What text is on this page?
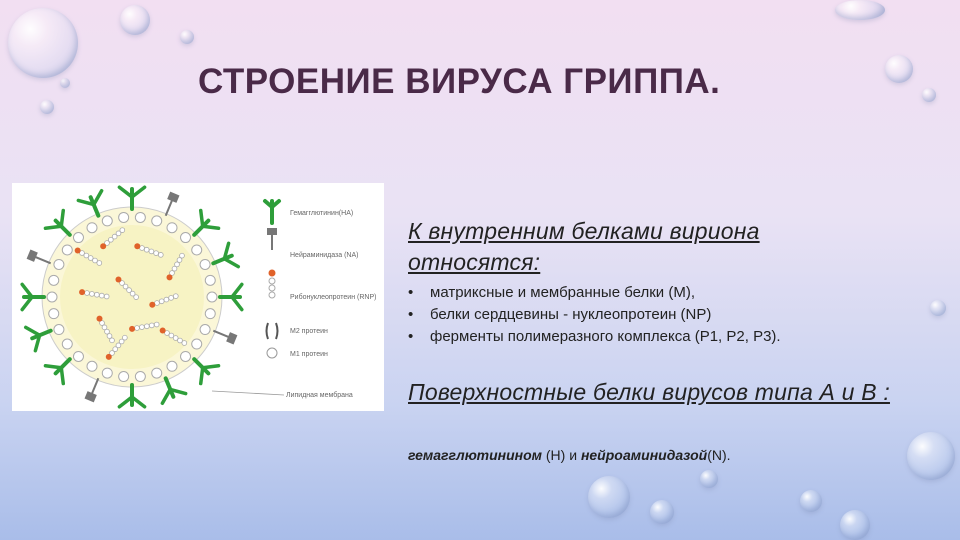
СТРОЕНИЕ ВИРУСА ГРИППА.
Гемагглютинин(HA)
Нейраминидаза (NA)
Рибонуклеопротеин (RNP)
M2 протеин
M1 протеин
Липидная мембрана
К внутренним белками вириона относятся:
• матриксные и мембранные белки (М),
• белки сердцевины - нуклеопротеин (NP)
• ферменты полимеразного комплекса (Р1, Р2, Р3).
Поверхностные белки вирусов типа А и В :
гемагглютинином (Н) и нейроаминидазой(N).
